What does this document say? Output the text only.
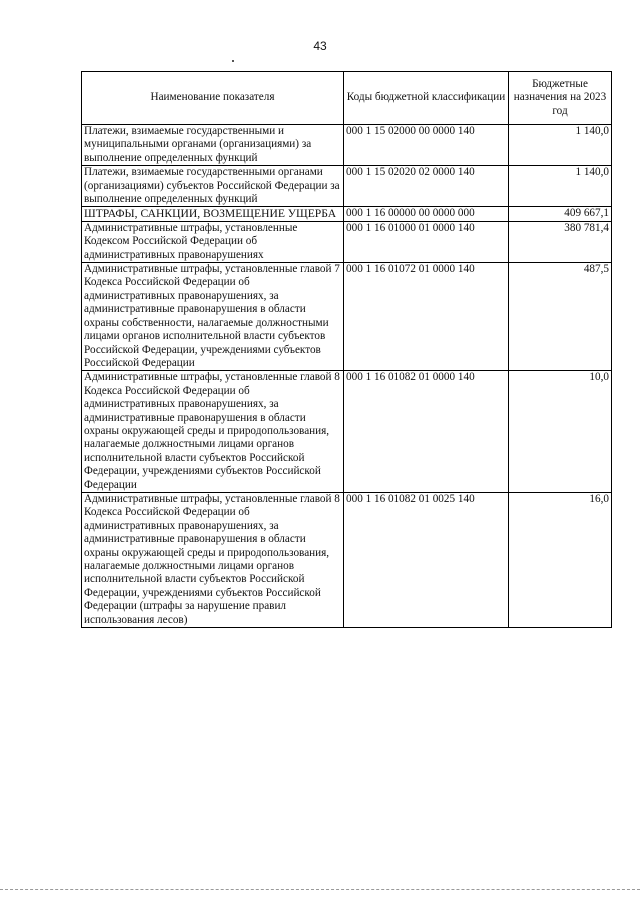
43
Наименование показателя	Коды бюджетной классификации	Бюджетные назначения на 2023 год
Платежи, взимаемые государственными и муниципальными органами (организациями) за выполнение определенных функций	000 1 15 02000 00 0000 140	1 140,0
Платежи, взимаемые государственными органами (организациями) субъектов Российской Федерации за выполнение определенных функций	000 1 15 02020 02 0000 140	1 140,0
ШТРАФЫ, САНКЦИИ, ВОЗМЕЩЕНИЕ УЩЕРБА	000 1 16 00000 00 0000 000	409 667,1
Административные штрафы, установленные Кодексом Российской Федерации об административных правонарушениях	000 1 16 01000 01 0000 140	380 781,4
Административные штрафы, установленные главой 7 Кодекса Российской Федерации об административных правонарушениях, за административные правонарушения в области охраны собственности, налагаемые должностными лицами органов исполнительной власти субъектов Российской Федерации, учреждениями субъектов Российской Федерации	000 1 16 01072 01 0000 140	487,5
Административные штрафы, установленные главой 8 Кодекса Российской Федерации об административных правонарушениях, за административные правонарушения в области охраны окружающей среды и природопользования, налагаемые должностными лицами органов исполнительной власти субъектов Российской Федерации, учреждениями субъектов Российской Федерации	000 1 16 01082 01 0000 140	10,0
Административные штрафы, установленные главой 8 Кодекса Российской Федерации об административных правонарушениях, за административные правонарушения в области охраны окружающей среды и природопользования, налагаемые должностными лицами органов исполнительной власти субъектов Российской Федерации, учреждениями субъектов Российской Федерации (штрафы за нарушение правил использования лесов)	000 1 16 01082 01 0025 140	16,0
